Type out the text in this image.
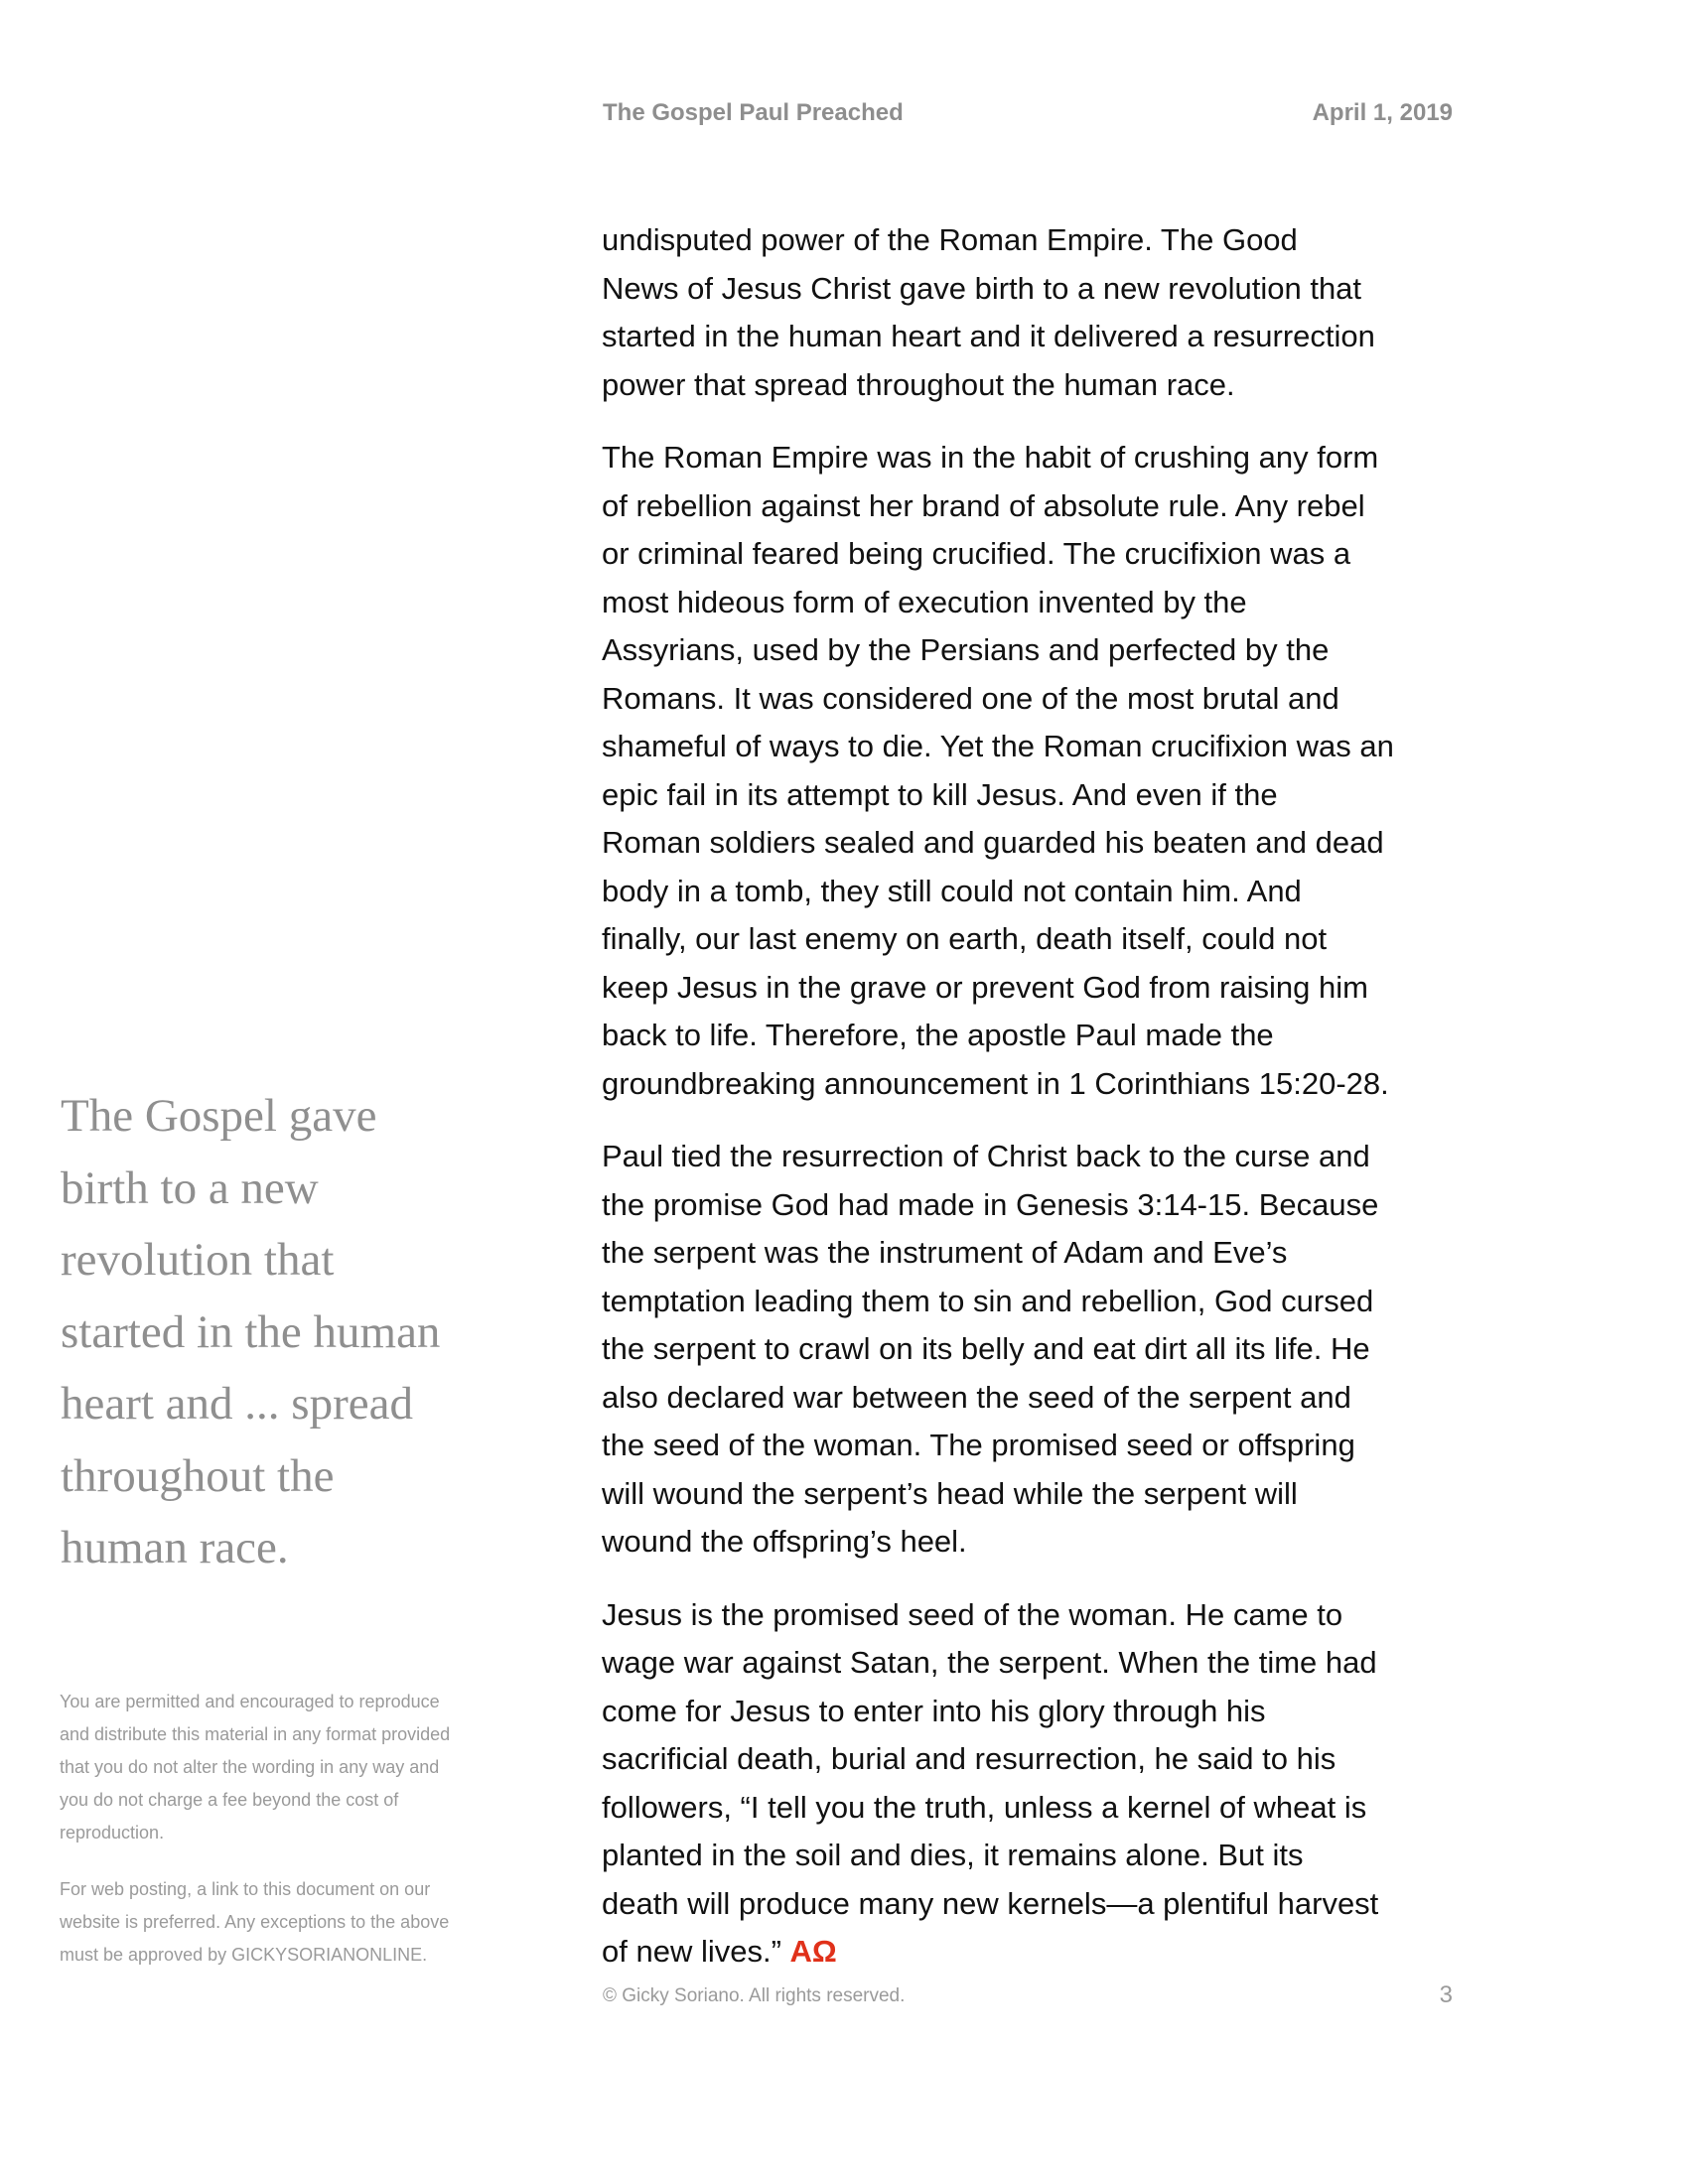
The Gospel Paul Preached	April 1, 2019
undisputed power of the Roman Empire. The Good
News of Jesus Christ gave birth to a new revolution that
started in the human heart and it delivered a resurrection
power that spread throughout the human race.
The Roman Empire was in the habit of crushing any form
of rebellion against her brand of absolute rule. Any rebel
or criminal feared being crucified. The crucifixion was a
most hideous form of execution invented by the
Assyrians, used by the Persians and perfected by the
Romans. It was considered one of the most brutal and
shameful of ways to die. Yet the Roman crucifixion was an
epic fail in its attempt to kill Jesus. And even if the
Roman soldiers sealed and guarded his beaten and dead
body in a tomb, they still could not contain him. And
finally, our last enemy on earth, death itself, could not
keep Jesus in the grave or prevent God from raising him
back to life. Therefore, the apostle Paul made the
groundbreaking announcement in 1 Corinthians 15:20-28.
Paul tied the resurrection of Christ back to the curse and
the promise God had made in Genesis 3:14-15. Because
the serpent was the instrument of Adam and Eve’s
temptation leading them to sin and rebellion, God cursed
the serpent to crawl on its belly and eat dirt all its life. He
also declared war between the seed of the serpent and
the seed of the woman. The promised seed or offspring
will wound the serpent’s head while the serpent will
wound the offspring’s heel.
Jesus is the promised seed of the woman. He came to
wage war against Satan, the serpent. When the time had
come for Jesus to enter into his glory through his
sacrificial death, burial and resurrection, he said to his
followers, “I tell you the truth, unless a kernel of wheat is
planted in the soil and dies, it remains alone. But its
death will produce many new kernels—a plentiful harvest
of new lives.” AΩ
The Gospel gave
birth to a new
revolution that
started in the human
heart and ... spread
throughout the
human race.
You are permitted and encouraged to reproduce
and distribute this material in any format provided
that you do not alter the wording in any way and
you do not charge a fee beyond the cost of
reproduction.
For web posting, a link to this document on our
website is preferred. Any exceptions to the above
must be approved by GICKYSORIANONLINE.
© Gicky Soriano. All rights reserved.	3
